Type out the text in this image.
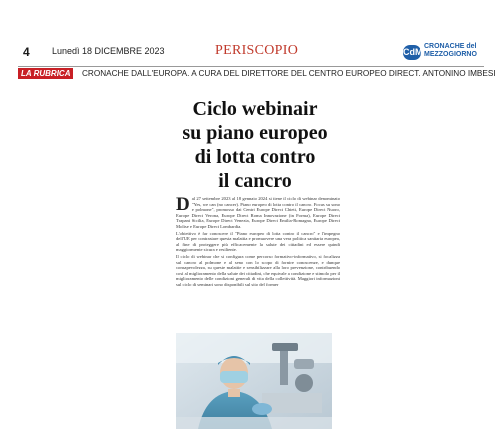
4 Lunedì 18 DICEMBRE 2023	PERISCOPIO	CdM
CRONACHE del
MEZZOGIORNO
LA RUBRICA	CRONACHE DALL'EUROPA. A CURA DEL DIRETTORE DEL CENTRO EUROPEO DIRECT. ANTONINO IMBESI
Ciclo webinair
su piano europeo
di lotta contro
il cancro

Dal 27 settembre 2023 al 18 gennaio 2024 si tiene il ciclo di webinar denominato "Yes, we can (no cancer). Piano europeo di lotta contro il cancro. Focus su sono e polmone", promosso dai Centri Europe Direct Chieti, Europe Direct Nuoro, Europe Direct Verona, Europe Direct Roma Innovazione (in Forma), Europe Direct Trapani Sicilia, Europe Direct Venezia, Europe Direct Emilia-Romagna, Europe Direct Molise e Europe Direct Lombardia.

L'obiettivo è far conoscere il "Piano europeo di lotta contro il cancro" e l'impegno dell'UE per contrastare questa malattia e promuovere una vera politica sanitaria europea, al fine di proteggere più efficacemente la salute dei cittadini ed essere quindi maggiormente sicura e resiliente.

Il ciclo di webinar che si configura come percorso formativo-informativo, si focalizza sul cancro al polmone e al seno con lo scopo di fornire conoscenze, e dunque consapevolezza, su queste malattie e sensibilizzare alla loro prevenzione, contribuendo così al miglioramento della salute dei cittadini, che equivale a condizione e stimolo per il miglioramento delle condizioni generali di vita della collettività. Maggiori informazioni sul ciclo di seminari sono disponibili sul sito del former
